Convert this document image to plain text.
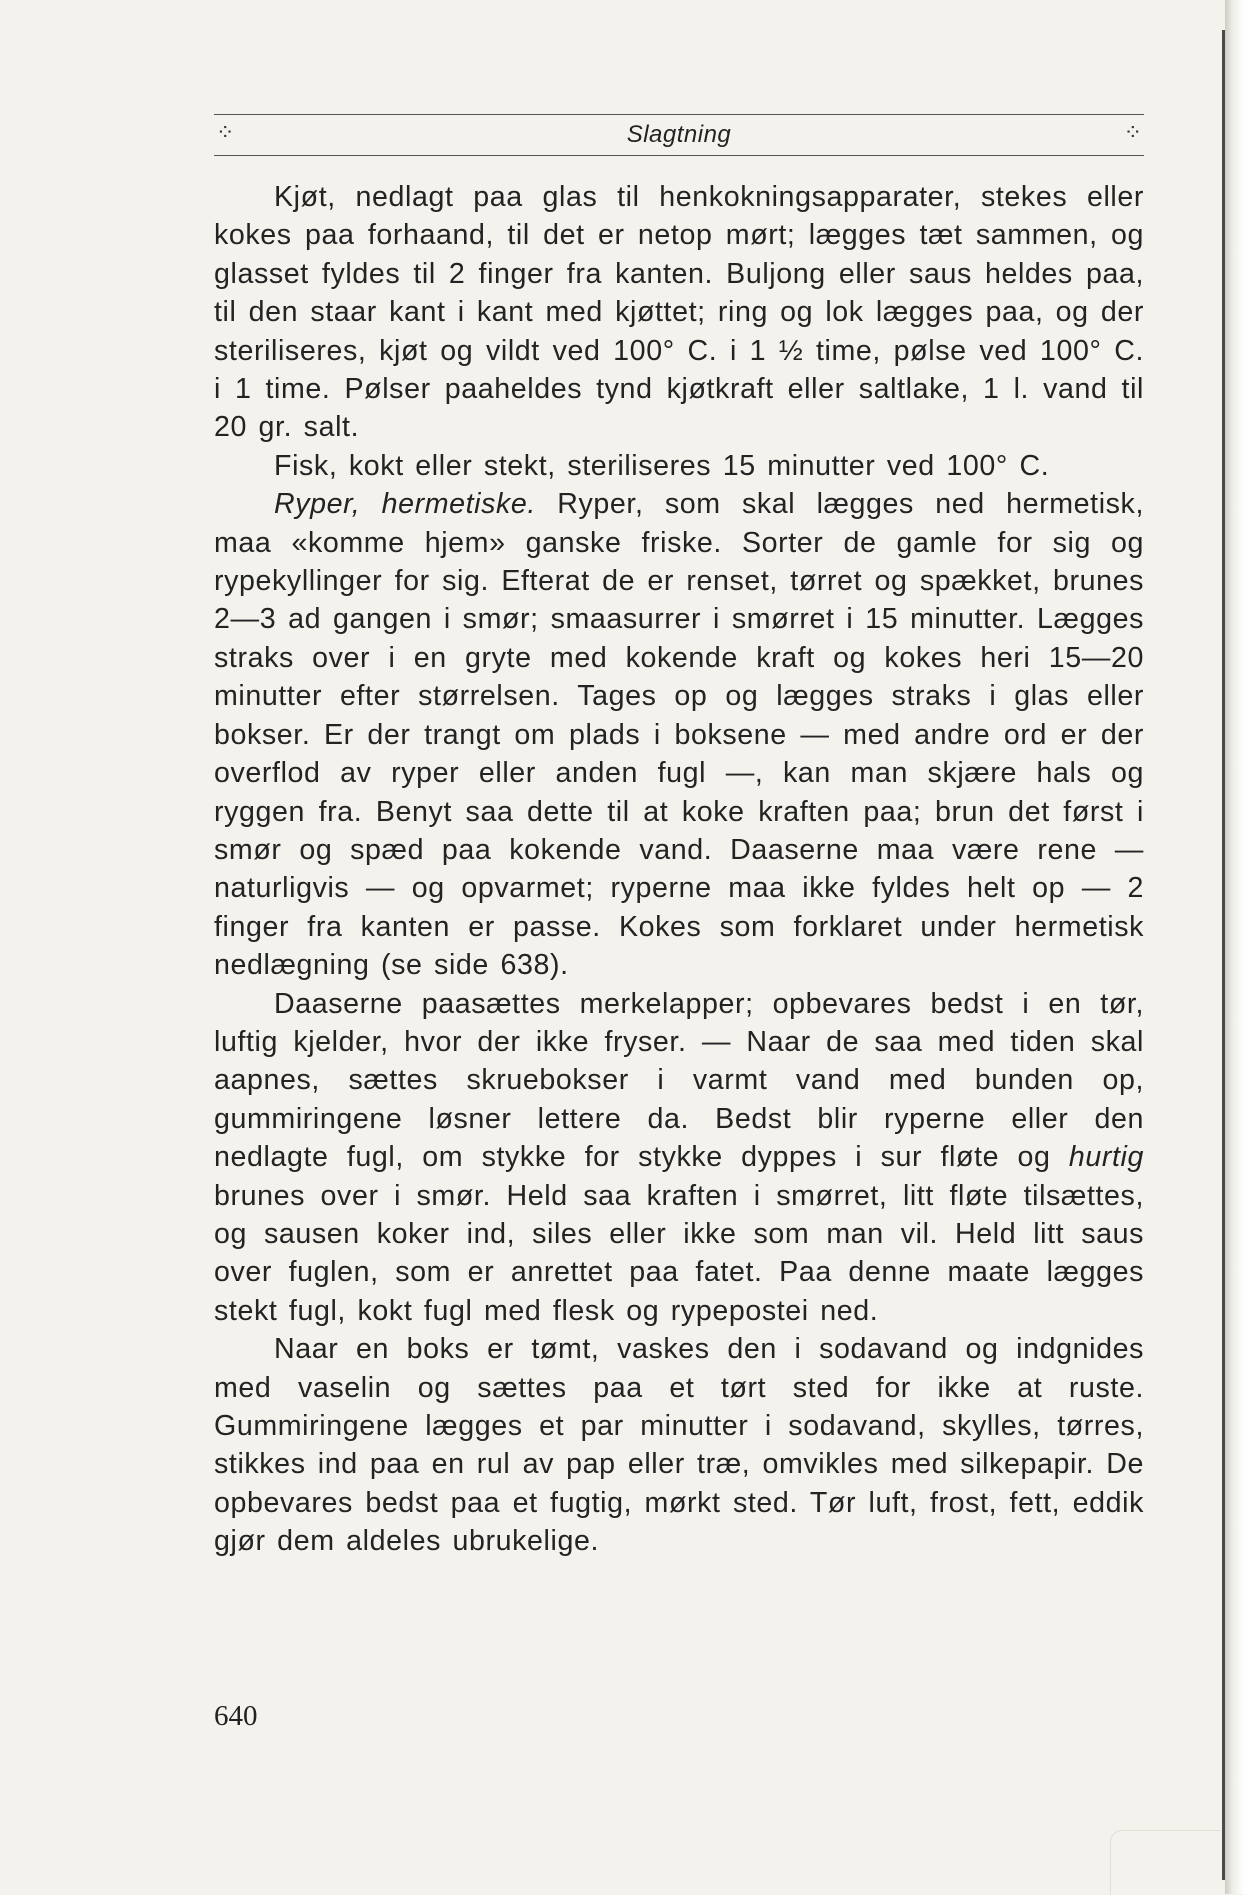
⁘	Slagtning	⁘

Kjøt, nedlagt paa glas til henkokningsapparater, stekes eller kokes paa forhaand, til det er netop mørt; lægges tæt sammen, og glasset fyldes til 2 finger fra kanten. Buljong eller saus heldes paa, til den staar kant i kant med kjøttet; ring og lok lægges paa, og der steriliseres, kjøt og vildt ved 100° C. i 1 ½ time, pølse ved 100° C. i 1 time. Pølser paaheldes tynd kjøtkraft eller saltlake, 1 l. vand til 20 gr. salt.

Fisk, kokt eller stekt, steriliseres 15 minutter ved 100° C.

Ryper, hermetiske. Ryper, som skal lægges ned hermetisk, maa «komme hjem» ganske friske. Sorter de gamle for sig og rypekyllinger for sig. Efterat de er renset, tørret og spækket, brunes 2—3 ad gangen i smør; smaasurrer i smørret i 15 minutter. Lægges straks over i en gryte med kokende kraft og kokes heri 15—20 minutter efter størrelsen. Tages op og lægges straks i glas eller bokser. Er der trangt om plads i boksene — med andre ord er der overflod av ryper eller anden fugl —, kan man skjære hals og ryggen fra. Benyt saa dette til at koke kraften paa; brun det først i smør og spæd paa kokende vand. Daaserne maa være rene — naturligvis — og opvarmet; ryperne maa ikke fyldes helt op — 2 finger fra kanten er passe. Kokes som forklaret under hermetisk nedlægning (se side 638).

Daaserne paasættes merkelapper; opbevares bedst i en tør, luftig kjelder, hvor der ikke fryser. — Naar de saa med tiden skal aapnes, sættes skruebokser i varmt vand med bunden op, gummiringene løsner lettere da. Bedst blir ryperne eller den nedlagte fugl, om stykke for stykke dyppes i sur fløte og hurtig brunes over i smør. Held saa kraften i smørret, litt fløte tilsættes, og sausen koker ind, siles eller ikke som man vil. Held litt saus over fuglen, som er anrettet paa fatet. Paa denne maate lægges stekt fugl, kokt fugl med flesk og rypepostei ned.

Naar en boks er tømt, vaskes den i sodavand og indgnides med vaselin og sættes paa et tørt sted for ikke at ruste. Gummiringene lægges et par minutter i sodavand, skylles, tørres, stikkes ind paa en rul av pap eller træ, omvikles med silkepapir. De opbevares bedst paa et fugtig, mørkt sted. Tør luft, frost, fett, eddik gjør dem aldeles ubrukelige.

640
